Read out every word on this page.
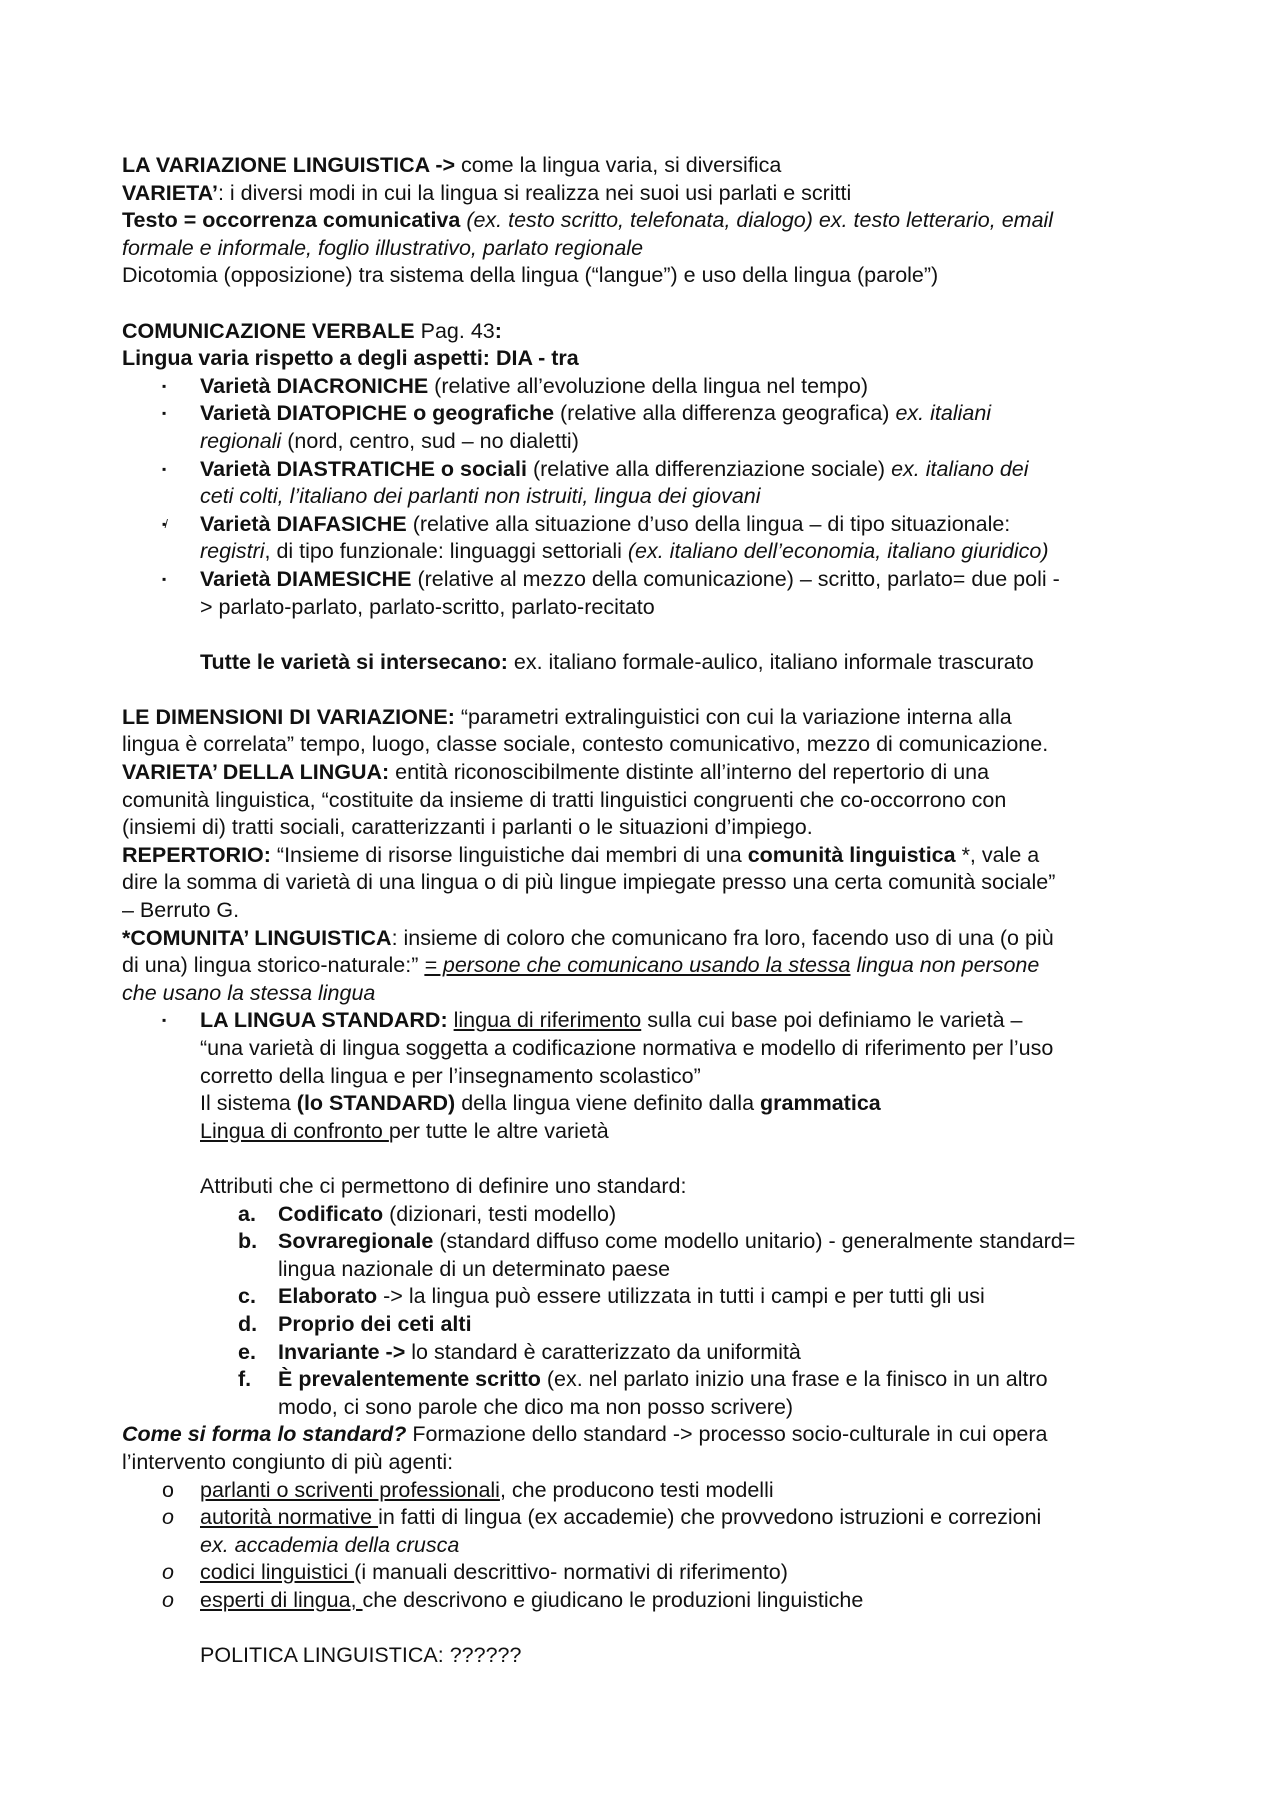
LA VARIAZIONE LINGUISTICA -> come la lingua varia, si diversifica
VARIETA’: i diversi modi in cui la lingua si realizza nei suoi usi parlati e scritti
Testo = occorrenza comunicativa (ex. testo scritto, telefonata, dialogo) ex. testo letterario, email
formale e informale, foglio illustrativo, parlato regionale
Dicotomia (opposizione) tra sistema della lingua (“langue”) e uso della lingua (parole”)
COMUNICAZIONE VERBALE Pag. 43:
Lingua varia rispetto a degli aspetti: DIA - tra
▪ Varietà DIACRONICHE (relative all’evoluzione della lingua nel tempo)
▪ Varietà DIATOPICHE o geografiche (relative alla differenza geografica) ex. italiani
regionali (nord, centro, sud – no dialetti)
▪ Varietà DIASTRATICHE o sociali (relative alla differenziazione sociale) ex. italiano dei
ceti colti, l’italiano dei parlanti non istruiti, lingua dei giovani
▪̸ Varietà DIAFASICHE (relative alla situazione d’uso della lingua – di tipo situazionale:
registri, di tipo funzionale: linguaggi settoriali (ex. italiano dell’economia, italiano giuridico)
▪ Varietà DIAMESICHE (relative al mezzo della comunicazione) – scritto, parlato= due poli -
> parlato-parlato, parlato-scritto, parlato-recitato
Tutte le varietà si intersecano: ex. italiano formale-aulico, italiano informale trascurato
LE DIMENSIONI DI VARIAZIONE: “parametri extralinguistici con cui la variazione interna alla
lingua è correlata” tempo, luogo, classe sociale, contesto comunicativo, mezzo di comunicazione.
VARIETA’ DELLA LINGUA: entità riconoscibilmente distinte all’interno del repertorio di una
comunità linguistica, “costituite da insieme di tratti linguistici congruenti che co-occorrono con
(insiemi di) tratti sociali, caratterizzanti i parlanti o le situazioni d’impiego.
REPERTORIO: “Insieme di risorse linguistiche dai membri di una comunità linguistica *, vale a
dire la somma di varietà di una lingua o di più lingue impiegate presso una certa comunità sociale”
– Berruto G.
*COMUNITA’ LINGUISTICA: insieme di coloro che comunicano fra loro, facendo uso di una (o più
di una) lingua storico-naturale:” = persone che comunicano usando la stessa lingua non persone
che usano la stessa lingua
▪ LA LINGUA STANDARD: lingua di riferimento sulla cui base poi definiamo le varietà –
“una varietà di lingua soggetta a codificazione normativa e modello di riferimento per l’uso
corretto della lingua e per l’insegnamento scolastico”
Il sistema (lo STANDARD) della lingua viene definito dalla grammatica
Lingua di confronto per tutte le altre varietà
Attributi che ci permettono di definire uno standard:
a. Codificato (dizionari, testi modello)
b. Sovraregionale (standard diffuso come modello unitario) - generalmente standard=
lingua nazionale di un determinato paese
c. Elaborato -> la lingua può essere utilizzata in tutti i campi e per tutti gli usi
d. Proprio dei ceti alti
e. Invariante -> lo standard è caratterizzato da uniformità
f. È prevalentemente scritto (ex. nel parlato inizio una frase e la finisco in un altro
modo, ci sono parole che dico ma non posso scrivere)
Come si forma lo standard? Formazione dello standard -> processo socio-culturale in cui opera
l’intervento congiunto di più agenti:
o parlanti o scriventi professionali, che producono testi modelli
o autorità normative in fatti di lingua (ex accademie) che provvedono istruzioni e correzioni
ex. accademia della crusca
o codici linguistici (i manuali descrittivo- normativi di riferimento)
o esperti di lingua, che descrivono e giudicano le produzioni linguistiche
POLITICA LINGUISTICA: ??????
